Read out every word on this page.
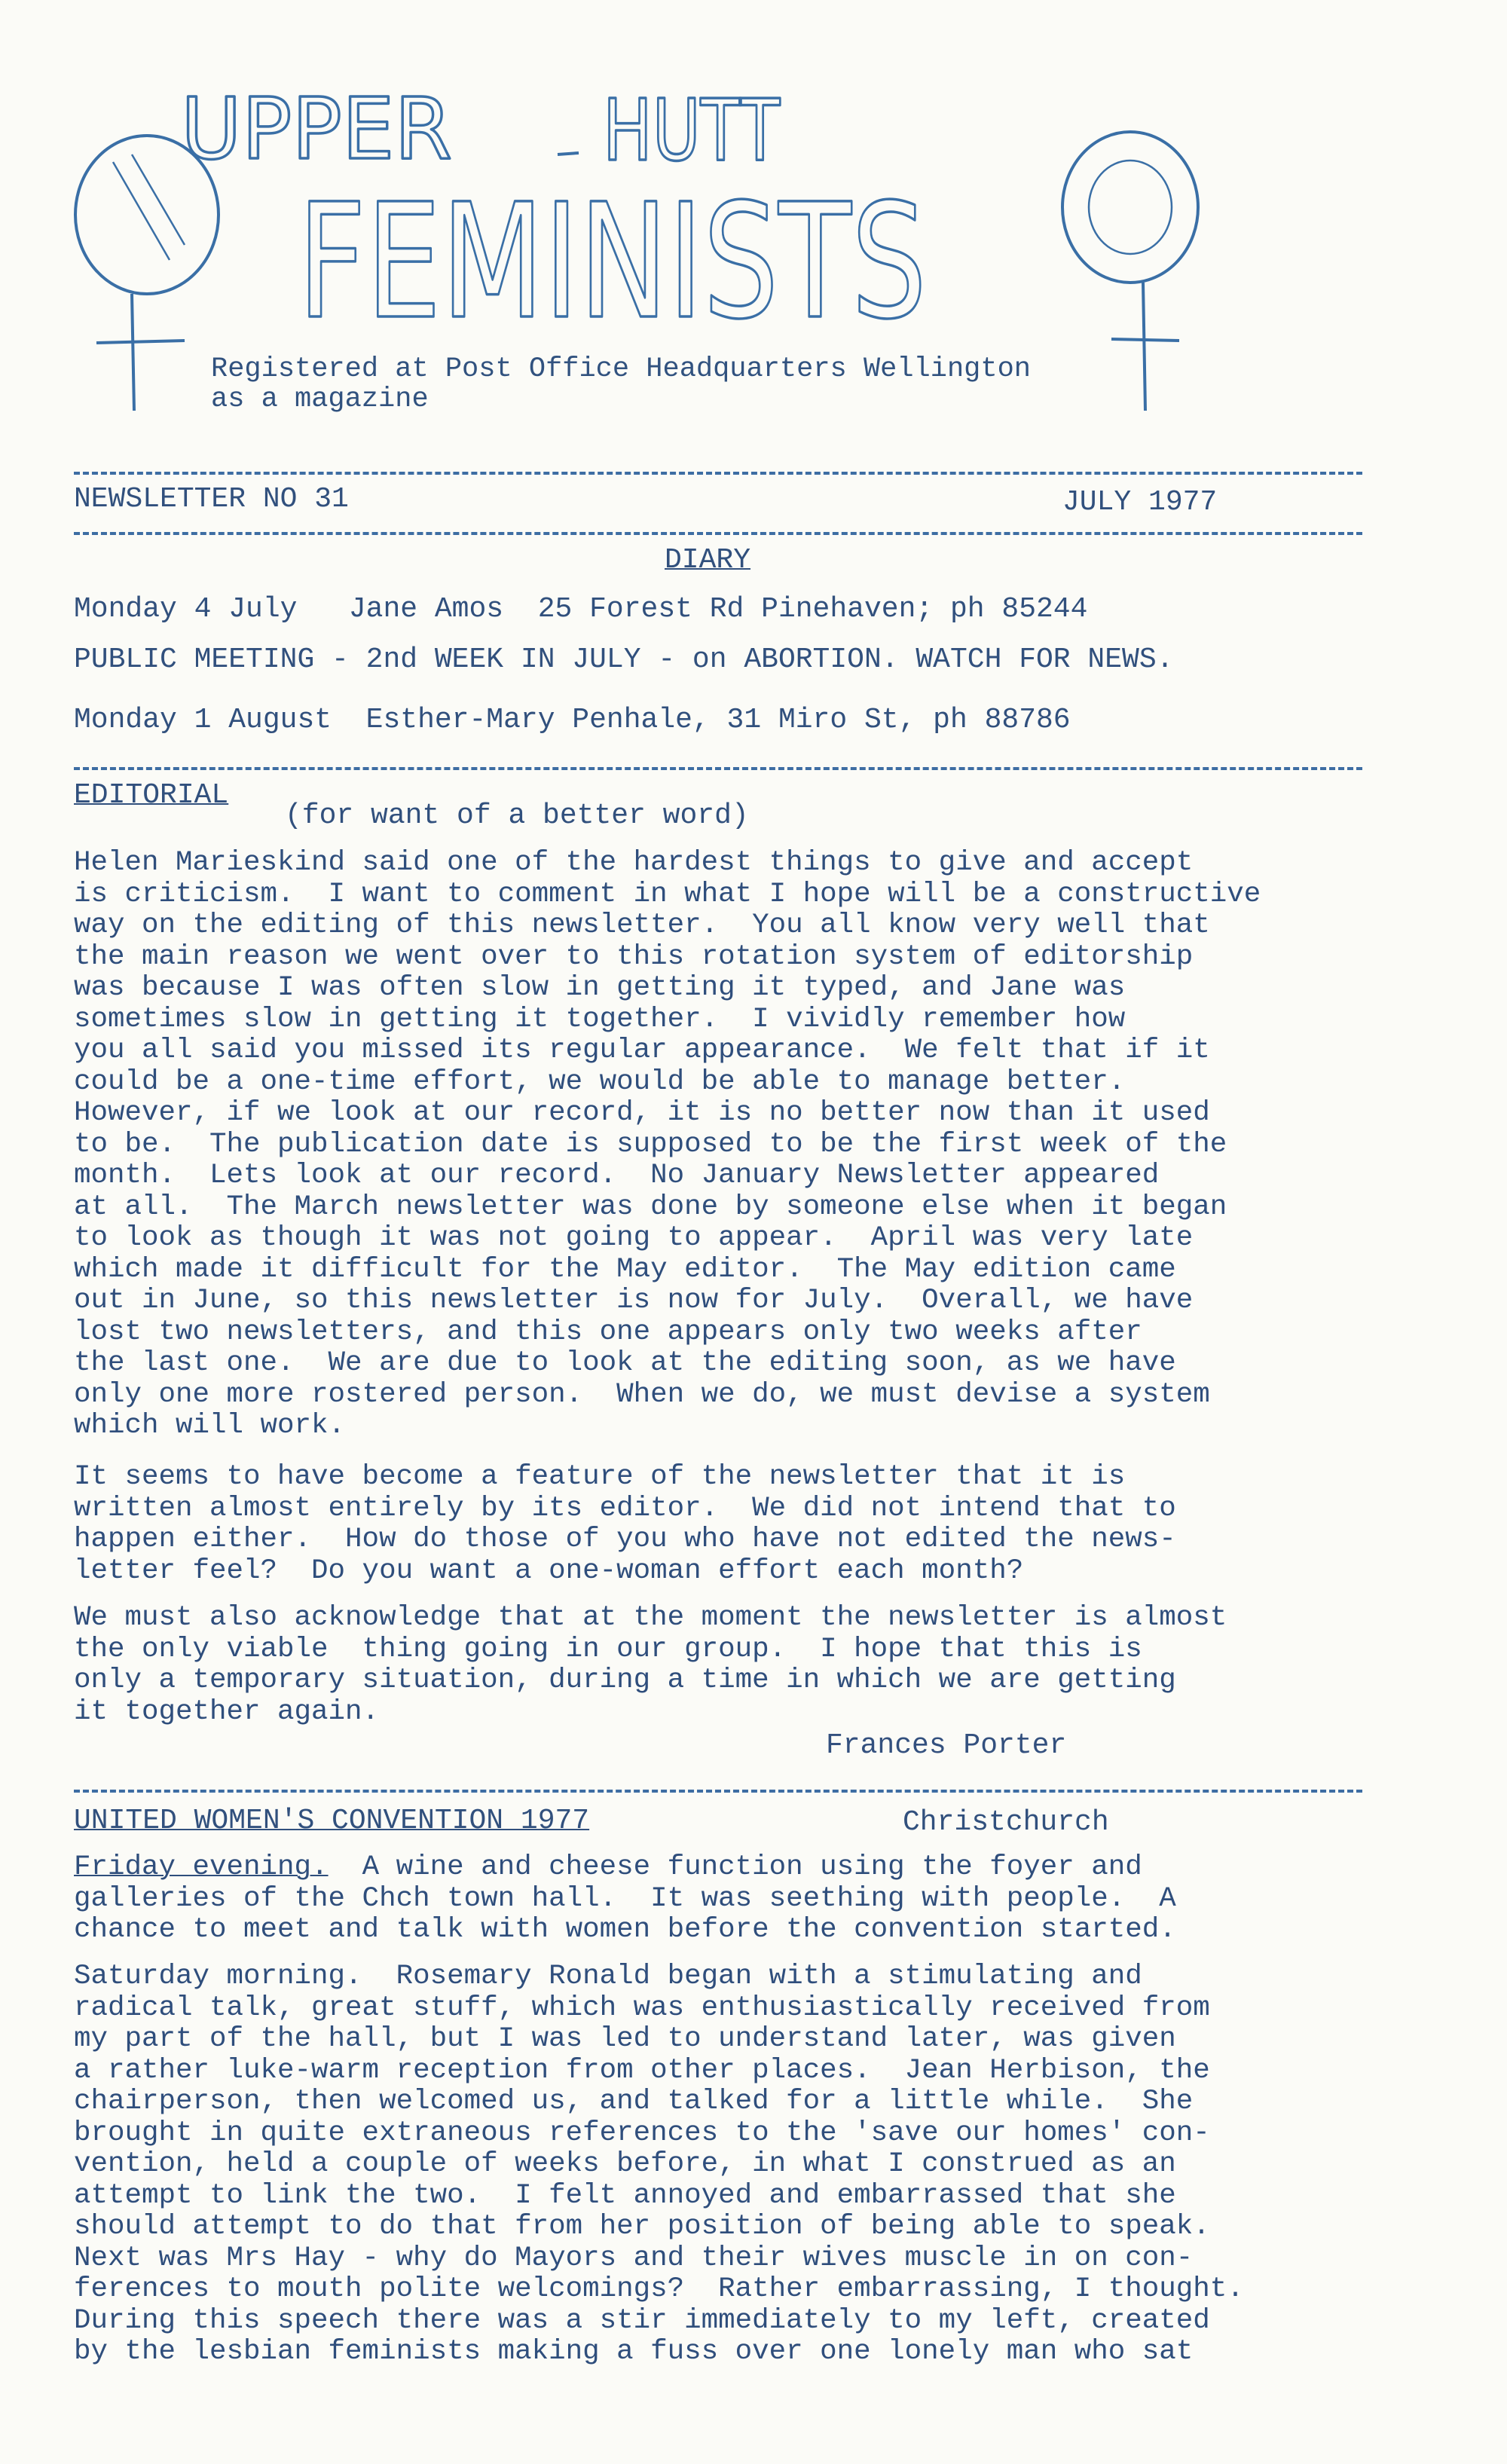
UPPER HUTT
FEMINISTS
Registered at Post Office Headquarters Wellington
as a magazine
NEWSLETTER NO 31	JULY 1977
DIARY
Monday 4 July   Jane Amos  25 Forest Rd Pinehaven; ph 85244
PUBLIC MEETING - 2nd WEEK IN JULY - on ABORTION. WATCH FOR NEWS.
Monday 1 August  Esther-Mary Penhale, 31 Miro St, ph 88786
EDITORIAL
(for want of a better word)
Helen Marieskind said one of the hardest things to give and accept
is criticism.  I want to comment in what I hope will be a constructive
way on the editing of this newsletter.  You all know very well that
the main reason we went over to this rotation system of editorship
was because I was often slow in getting it typed, and Jane was
sometimes slow in getting it together.  I vividly remember how
you all said you missed its regular appearance.  We felt that if it
could be a one-time effort, we would be able to manage better.
However, if we look at our record, it is no better now than it used
to be.  The publication date is supposed to be the first week of the
month.  Lets look at our record.  No January Newsletter appeared
at all.  The March newsletter was done by someone else when it began
to look as though it was not going to appear.  April was very late
which made it difficult for the May editor.  The May edition came
out in June, so this newsletter is now for July.  Overall, we have
lost two newsletters, and this one appears only two weeks after
the last one.  We are due to look at the editing soon, as we have
only one more rostered person.  When we do, we must devise a system
which will work.
It seems to have become a feature of the newsletter that it is
written almost entirely by its editor.  We did not intend that to
happen either.  How do those of you who have not edited the news-
letter feel?  Do you want a one-woman effort each month?
We must also acknowledge that at the moment the newsletter is almost
the only viable  thing going in our group.  I hope that this is
only a temporary situation, during a time in which we are getting
it together again.
Frances Porter
UNITED WOMEN'S CONVENTION 1977	Christchurch
Friday evening.  A wine and cheese function using the foyer and
galleries of the Chch town hall.  It was seething with people.  A
chance to meet and talk with women before the convention started.
Saturday morning.  Rosemary Ronald began with a stimulating and
radical talk, great stuff, which was enthusiastically received from
my part of the hall, but I was led to understand later, was given
a rather luke-warm reception from other places.  Jean Herbison, the
chairperson, then welcomed us, and talked for a little while.  She
brought in quite extraneous references to the 'save our homes' con-
vention, held a couple of weeks before, in what I construed as an
attempt to link the two.  I felt annoyed and embarrassed that she
should attempt to do that from her position of being able to speak.
Next was Mrs Hay - why do Mayors and their wives muscle in on con-
ferences to mouth polite welcomings?  Rather embarrassing, I thought.
During this speech there was a stir immediately to my left, created
by the lesbian feminists making a fuss over one lonely man who sat
